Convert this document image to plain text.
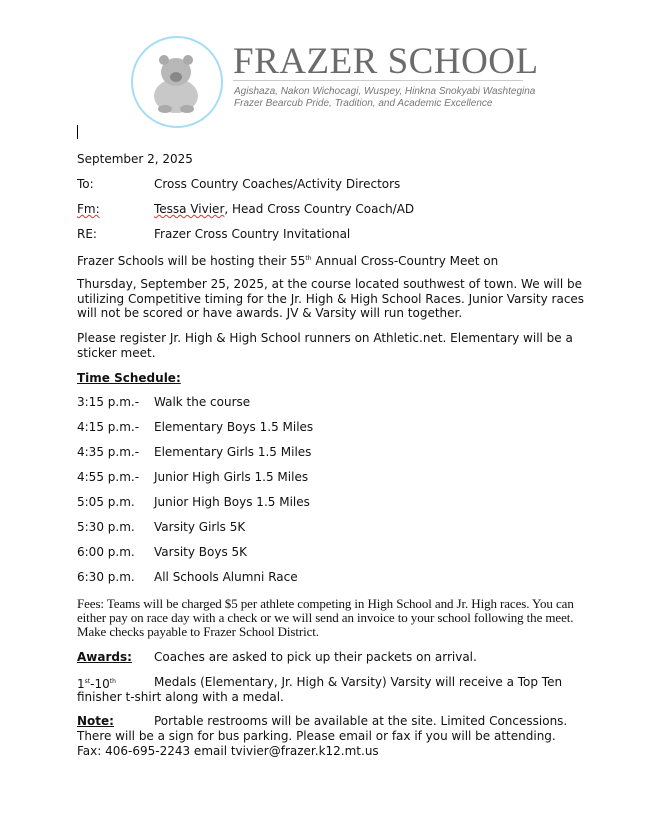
FRAZER SCHOOL
Agishaza, Nakon Wichocagi, Wuspey, Hinkna Snokyabi Washtegina
Frazer Bearcub Pride, Tradition, and Academic Excellence
September 2, 2025
To:	Cross Country Coaches/Activity Directors
Fm:	Tessa Vivier, Head Cross Country Coach/AD
RE:	Frazer Cross Country Invitational
Frazer Schools will be hosting their 55th Annual Cross-Country Meet on
Thursday, September 25, 2025, at the course located southwest of town. We will be utilizing Competitive timing for the Jr. High & High School Races. Junior Varsity races will not be scored or have awards. JV & Varsity will run together.
Please register Jr. High & High School runners on Athletic.net. Elementary will be a sticker meet.
Time Schedule:
3:15 p.m.- Walk the course
4:15 p.m.- Elementary Boys 1.5 Miles
4:35 p.m.- Elementary Girls 1.5 Miles
4:55 p.m.- Junior High Girls 1.5 Miles
5:05 p.m. Junior High Boys 1.5 Miles
5:30 p.m. Varsity Girls 5K
6:00 p.m. Varsity Boys 5K
6:30 p.m. All Schools Alumni Race
Fees: Teams will be charged $5 per athlete competing in High School and Jr. High races. You can either pay on race day with a check or we will send an invoice to your school following the meet. Make checks payable to Frazer School District.
Awards: Coaches are asked to pick up their packets on arrival.
1st-10th	Medals (Elementary, Jr. High & Varsity) Varsity will receive a Top Ten
finisher t-shirt along with a medal.
Note:	Portable restrooms will be available at the site. Limited Concessions.
There will be a sign for bus parking. Please email or fax if you will be attending.
Fax: 406-695-2243 email tvivier@frazer.k12.mt.us
